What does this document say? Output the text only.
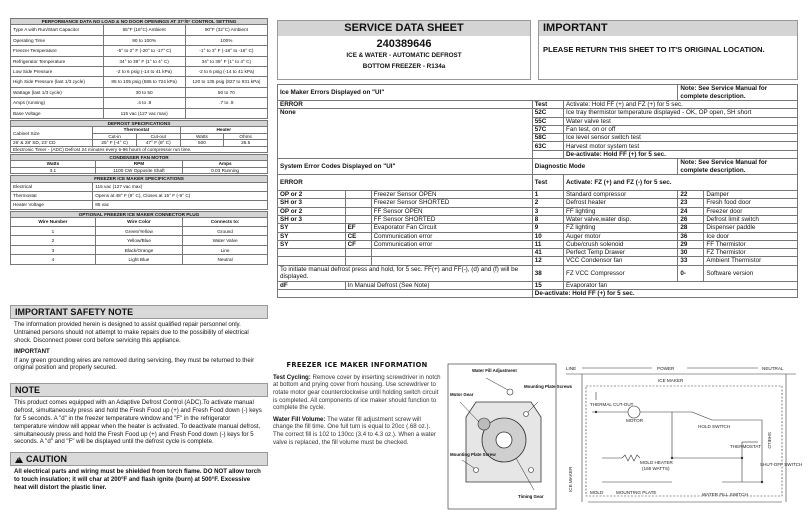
PERFORMANCE DATA NO LOAD & NO DOOR OPENINGS AT 37°/0° CONTROL SETTING		
Type A with Run/Start Capacitor	65°F (18°C) Ambient	90°F (32°C) Ambient
Operating Time	90 to 100%	100%
Freezer Temperature	-5° to 2° F (-20° to -17° C)	-1° to 3° F (-18° to -16° C)
Refrigerator Temperature	34° to 39° F (1° to 4° C)	34° to 39° F (1° to 4° C)
Low Side Pressure	-2 to 6 psig (-14 to 41 kPa)	-2 to 6 psig (-14 to 41 kPa)
High Side Pressure (last 1/3 cycle)	85 to 105 psig (586 to 724 kPa)	120 to 135 psig (827 to 931 kPa)
Wattage (last 1/3 cycle)	30 to 50	50 to 70
Amps (running)	.4 to .8	.7 to .9
Base Voltage	115 vac (127 vac max)	
DEFROST SPECIFICATIONS				
Cabinet Size	Thermostat		Heater	
	Cut-in	Cut-out	Watts	Ohms
26' & 28' SD, 23' CD	25° F (-4° C)	47° F (8° C)	500	26.5
Electronic Timer - (ADC) Defrost 24 minutes every 6-96 hours of compressor run time.				
CONDENSER FAN MOTOR		
Watts	RPM	Amps
3.1	1100 CW Opposite Shaft	0.03 Running
FREEZER ICE MAKER SPECIFICATIONS	
Electrical	115 vac (127 vac max)
Thermostat	Opens at 48° F (9° C), Closes at 15° F (-9° C)
Heater Voltage	85 vac
OPTIONAL FREEZER ICE MAKER CONNECTOR PLUG		
Wire Number	Wire Color	Connects to:
1	Green/Yellow	Ground
2	Yellow/Blue	Water Valve
3	Black/Orange	Line
4	Light Blue	Neutral
IMPORTANT SAFETY NOTE

The information provided herein is designed to assist qualified repair personnel only. Untrained persons should not attempt to make repairs due to the possibility of electrical shock. Disconnect power cord before servicing this appliance.

IMPORTANT

If any green grounding wires are removed during servicing, they must be returned to their original position and properly secured.

NOTE
This product comes equipped with an Adaptive Defrost Control (ADC).To activate manual defrost, simultaneously press and hold the Fresh Food up (+) and Fresh Food down (-) keys for 5 seconds. A "d" in the freezer temperature window and "F" in the refrigerator temperature window will appear when the heater is activated. To deactivate manual defrost, simultaneously press and hold the Fresh Food up (+) and Fresh Food down (-) keys for 5 seconds. A "d" and "F" will be displayed until the defrost cycle is complete.
!CAUTION
All electrical parts and wiring must be shielded from torch flame. DO NOT allow torch to touch insulation; it will char at 200°F and flash ignite (burn) at 500°F. Excessive heat will distort the plastic liner.
SERVICE DATA SHEET
240389646
ICE & WATER - AUTOMATIC DEFROST
BOTTOM FREEZER - R134a
IMPORTANT
PLEASE RETURN THIS SHEET TO IT'S ORIGINAL LOCATION.
Ice Maker Errors Displayed on "UI"					Note: See Service Manual for complete description.	
ERROR			Test	Activate: Hold FF (+) and FZ (+) for 5 sec.		
None			52C	Ice tray thermistor temperature displayed - OK, OP open, SH short		
			55C	Water valve test		
			57C	Fan test, on or off		
			58C	Ice level sensor switch test		
			63C	Harvest motor system test		
				De-activate: Hold FF (+) for 5 sec.		
System Error Codes Displayed on "UI"			Diagnostic Mode		Note: See Service Manual for complete description.	
ERROR			Test	Activate: FZ (+) and FZ (-) for 5 sec.		
OP or 2		Freezer Sensor OPEN	1	Standard compressor	22	Damper
SH or 3		Freezer Sensor SHORTED	2	Defrost heater	23	Fresh food door
OP or 2		FF Sensor OPEN	3	FF lighting	24	Freezer door
SH or 3		FF Sensor SHORTED	8	Water valve,water disp.	26	Defrost limit switch
SY	EF	Evaporator Fan Circuit	9	FZ lighting	28	Dispenser paddle
SY	CE	Communication error	10	Auger motor	36	Ice door
SY	CF	Communication error	11	Cube/crush solenoid	29	FF Thermistor
			41	Perfect Temp Drawer	30	FZ Thermistor
			12	VCC Condensor fan	33	Ambient Thermistor
To initiate manual defrost press and hold, for 5 sec. FF(+) and FF(-), (d) and (f) will be displayed.			38	FZ VCC Compressor	0-	Software version
dF	In Manual Defrost (See Note)		15	Evaporator fan		
			De-activate: Hold FF (+) for 5 sec.			
FREEZER ICE MAKER INFORMATION
Test Cycling: Remove cover by inserting screwdriver in notch at bottom and prying cover from housing. Use screwdriver to rotate motor gear counterclockwise until holding switch circuit is completed. All components of ice maker should function to complete the cycle.
Water Fill Volume: The water fill adjustment screw will change the fill time. One full turn is equal to 20cc (.68 oz.). The correct fill is 102 to 130cc (3.4 to 4.3 oz.). When a water valve is replaced, the fill volume must be checked.
Water Fill Adjustment
Motor Gear
Mounting Plate Screws
Mounting Plate Screw
Timing Gear
LINE	POWER	NEUTRAL
ICE MAKER
THERMAL CUT-OUT
MOTOR
HOLD SWITCH
THERMOSTAT
MOLD HEATER
(165 WATTS)
SHUT-OFF SWITCH
WATER FILL SWITCH
MOLD	MOUNTING PLATE
ICE MAKER
SHIELD
